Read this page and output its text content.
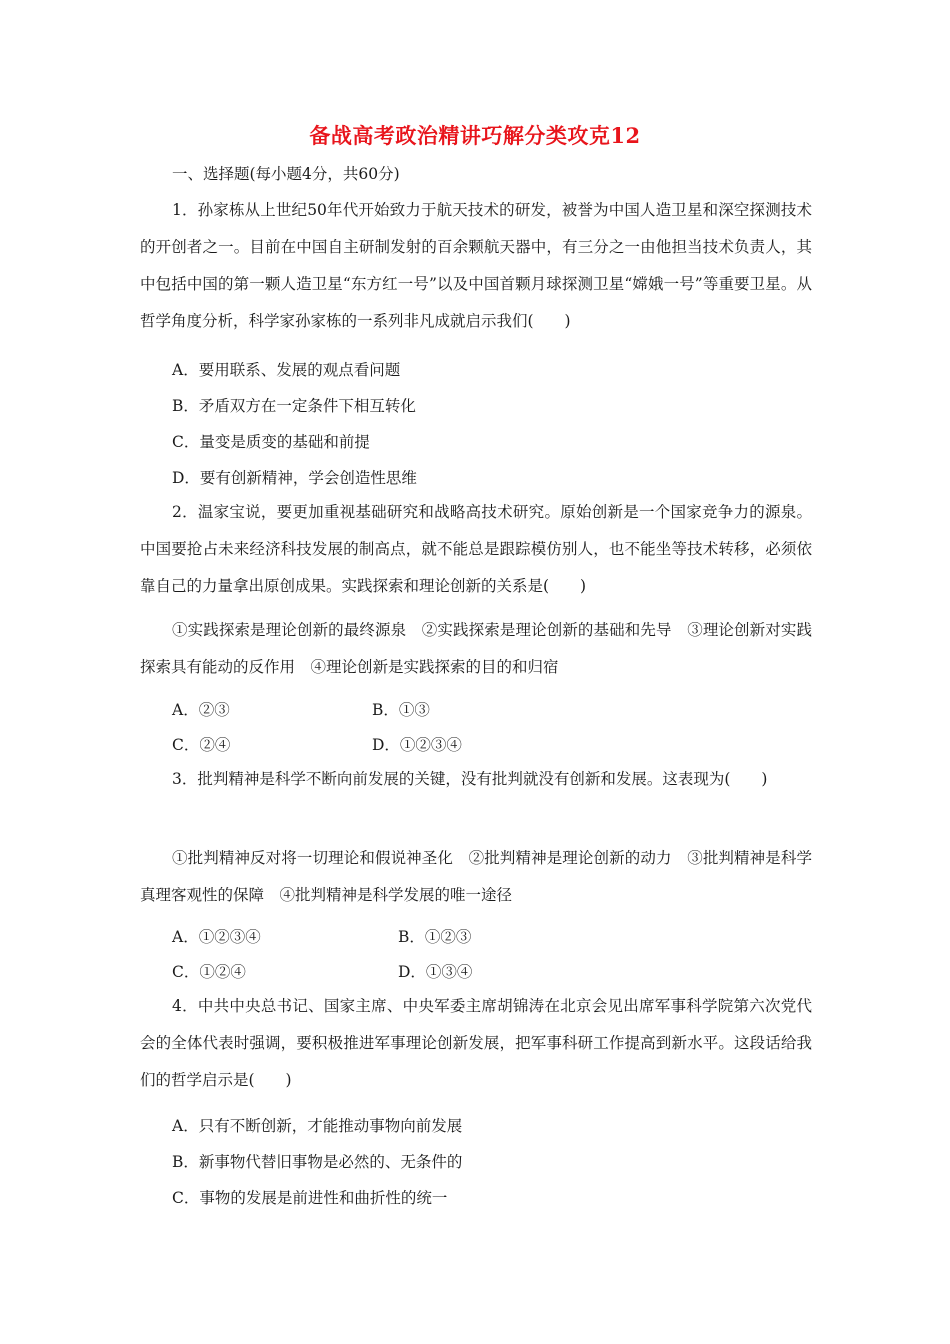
备战高考政治精讲巧解分类攻克12
一、选择题(每小题4分，共60分)
1．孙家栋从上世纪50年代开始致力于航天技术的研发，被誉为中国人造卫星和深空探测技术的开创者之一。目前在中国自主研制发射的百余颗航天器中，有三分之一由他担当技术负责人，其中包括中国的第一颗人造卫星“东方红一号”以及中国首颗月球探测卫星“嫦娥一号”等重要卫星。从哲学角度分析，科学家孙家栋的一系列非凡成就启示我们(　　)
A．要用联系、发展的观点看问题
B．矛盾双方在一定条件下相互转化
C．量变是质变的基础和前提
D．要有创新精神，学会创造性思维
2．温家宝说，要更加重视基础研究和战略高技术研究。原始创新是一个国家竞争力的源泉。中国要抢占未来经济科技发展的制高点，就不能总是跟踪模仿别人，也不能坐等技术转移，必须依靠自己的力量拿出原创成果。实践探索和理论创新的关系是(　　)
①实践探索是理论创新的最终源泉　②实践探索是理论创新的基础和先导　③理论创新对实践探索具有能动的反作用　④理论创新是实践探索的目的和归宿
A．②③	B．①③
C．②④	D．①②③④
3．批判精神是科学不断向前发展的关键，没有批判就没有创新和发展。这表现为(　　)
①批判精神反对将一切理论和假说神圣化　②批判精神是理论创新的动力　③批判精神是科学真理客观性的保障　④批判精神是科学发展的唯一途径
A．①②③④	B．①②③
C．①②④	D．①③④
4．中共中央总书记、国家主席、中央军委主席胡锦涛在北京会见出席军事科学院第六次党代会的全体代表时强调，要积极推进军事理论创新发展，把军事科研工作提高到新水平。这段话给我们的哲学启示是(　　)
A．只有不断创新，才能推动事物向前发展
B．新事物代替旧事物是必然的、无条件的
C．事物的发展是前进性和曲折性的统一
